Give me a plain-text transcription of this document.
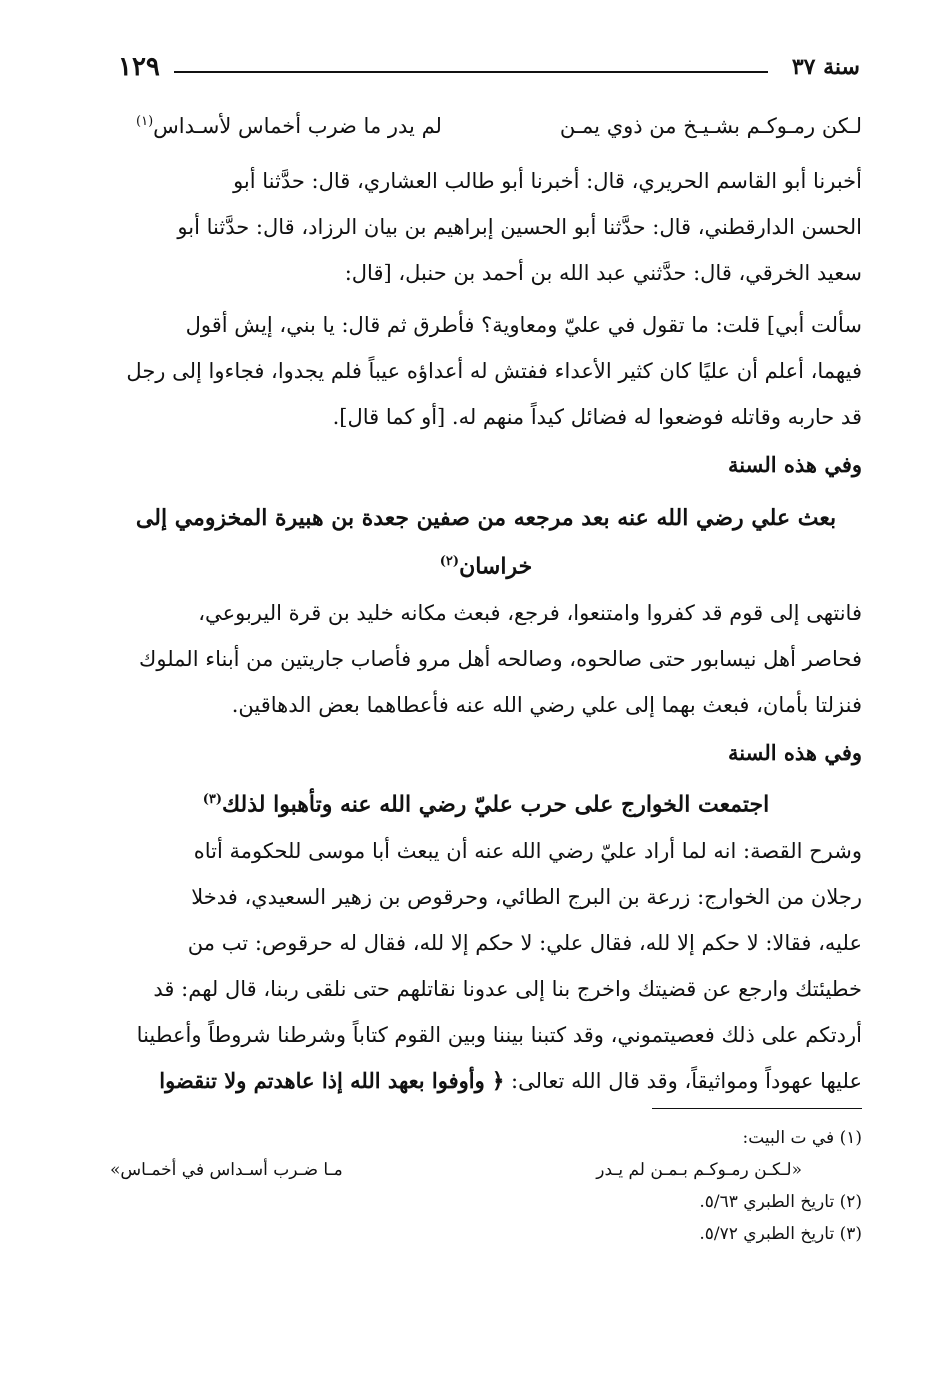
سنة ٣٧
١٢٩
لـكن رمـوكـم بشـيـخ من ذوي يمـن
لم يدر ما ضرب أخماس لأسـداس$^{(١)}$
أخبرنا أبو القاسم الحريري، قال: أخبرنا أبو طالب العشاري، قال: حدَّثنا أبو
الحسن الدارقطني، قال: حدَّثنا أبو الحسين إبراهيم بن بيان الرزاد، قال: حدَّثنا أبو
سعيد الخرقي، قال: حدَّثني عبد الله بن أحمد بن حنبل، [قال:
سألت أبي] قلت: ما تقول في عليّ ومعاوية؟ فأطرق ثم قال: يا بني، إيش أقول
فيهما، أعلم أن عليًا كان كثير الأعداء ففتش له أعداؤه عيباً فلم يجدوا، فجاءوا إلى رجل
قد حاربه وقاتله فوضعوا له فضائل كيداً منهم له. [أو كما قال].
وفي هذه السنة
بعث علي رضي الله عنه بعد مرجعه من صفين جعدة بن هبيرة المخزومي إلى
خراسان$^{(٢)}$
فانتهى إلى قوم قد كفروا وامتنعوا، فرجع، فبعث مكانه خليد بن قرة اليربوعي،
فحاصر أهل نيسابور حتى صالحوه، وصالحه أهل مرو فأصاب جاريتين من أبناء الملوك
فنزلتا بأمان، فبعث بهما إلى علي رضي الله عنه فأعطاهما بعض الدهاقين.
وفي هذه السنة
اجتمعت الخوارج على حرب عليّ رضي الله عنه وتأهبوا لذلك$^{(٣)}$
وشرح القصة: انه لما أراد عليّ رضي الله عنه أن يبعث أبا موسى للحكومة أتاه
رجلان من الخوارج: زرعة بن البرج الطائي، وحرقوص بن زهير السعيدي، فدخلا
عليه، فقالا: لا حكم إلا لله، فقال علي: لا حكم إلا لله، فقال له حرقوص: تب من
خطيئتك وارجع عن قضيتك واخرج بنا إلى عدونا نقاتلهم حتى نلقى ربنا، قال لهم: قد
أردتكم على ذلك فعصيتموني، وقد كتبنا بيننا وبين القوم كتاباً وشرطنا شروطاً وأعطينا
عليها عهوداً ومواثيقاً، وقد قال الله تعالى: ﴿ وأوفوا بعهد الله إذا عاهدتم ولا تنقضوا
(١) في ت البيت:
«لـكـن رمـوكـم بـمـن لم يـدر
مـا ضـرب أسـداس في أخمـاس»
(٢) تاريخ الطبري ٥/٦٣.
(٣) تاريخ الطبري ٥/٧٢.
